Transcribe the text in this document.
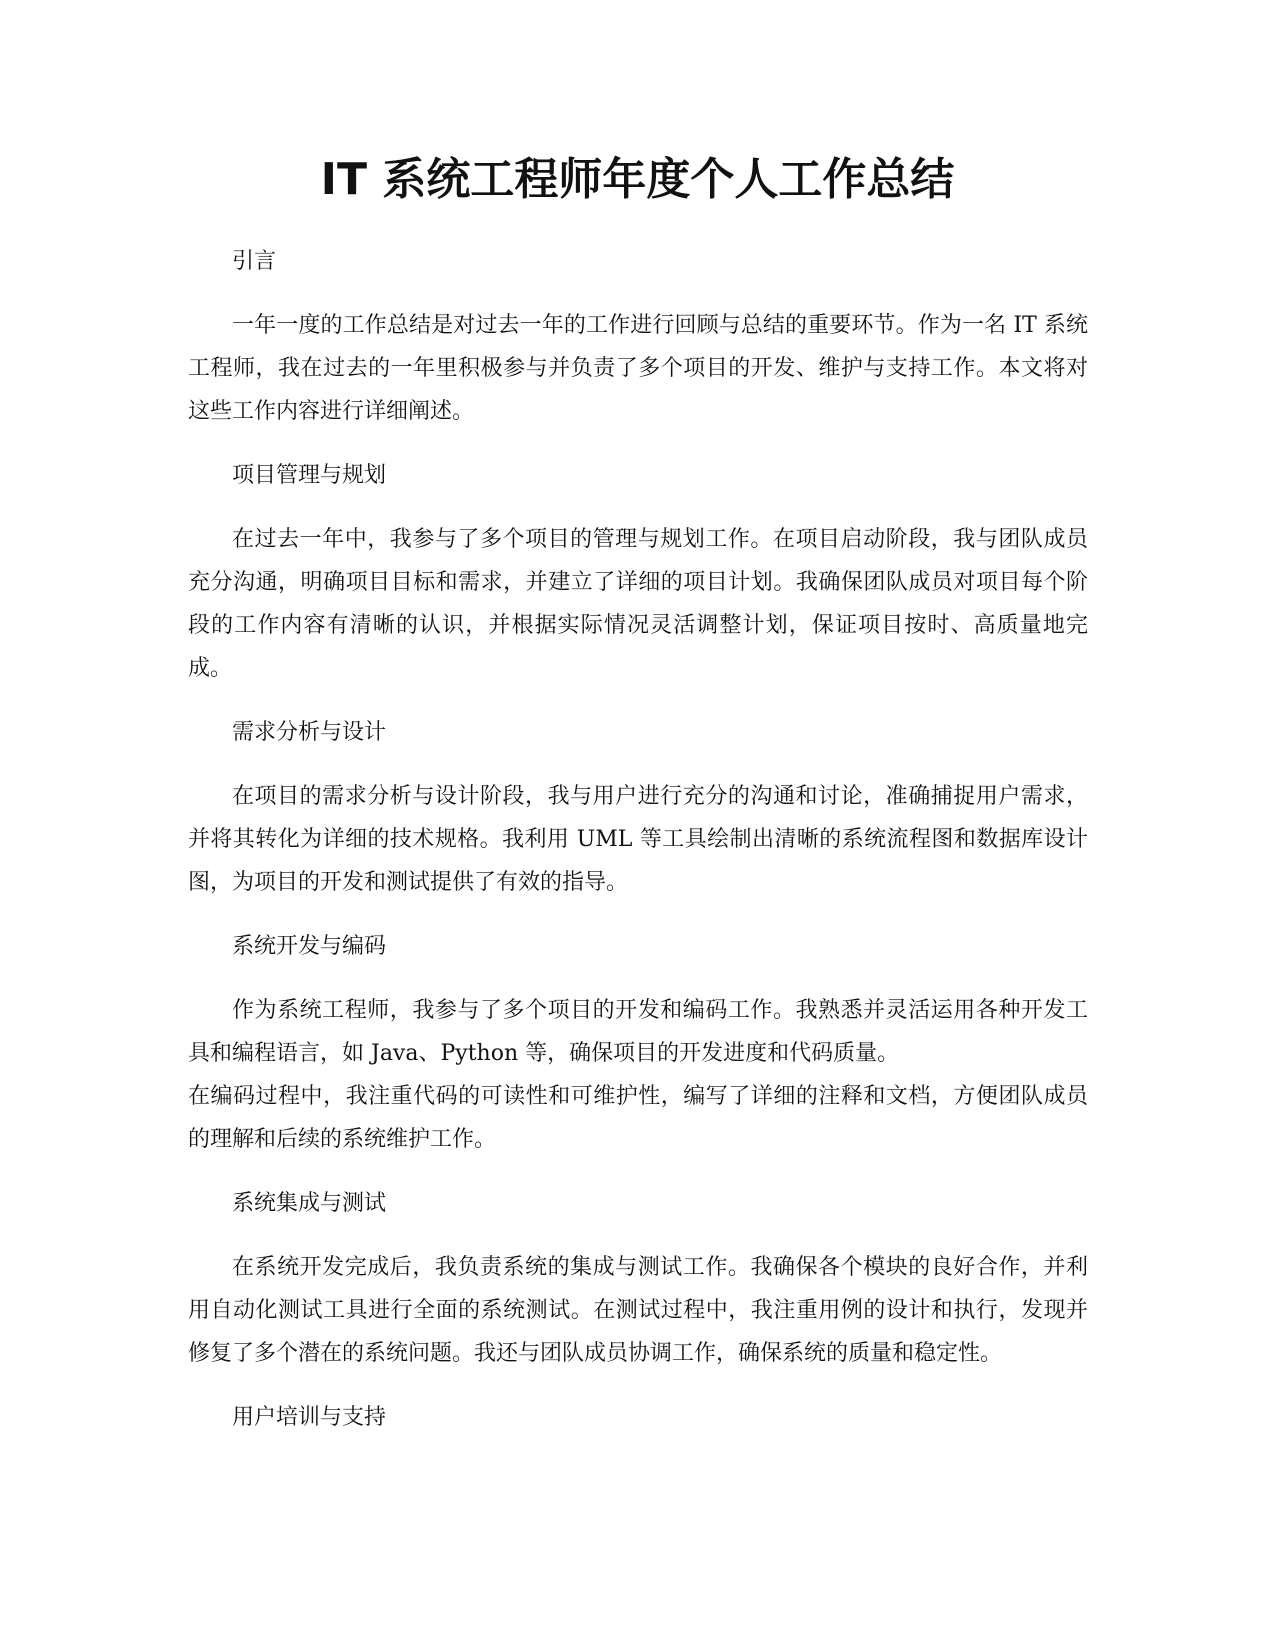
IT 系统工程师年度个人工作总结

引言

一年一度的工作总结是对过去一年的工作进行回顾与总结的重要环节。作为一名 IT 系统工程师，我在过去的一年里积极参与并负责了多个项目的开发、维护与支持工作。本文将对这些工作内容进行详细阐述。

项目管理与规划

在过去一年中，我参与了多个项目的管理与规划工作。在项目启动阶段，我与团队成员充分沟通，明确项目目标和需求，并建立了详细的项目计划。我确保团队成员对项目每个阶段的工作内容有清晰的认识，并根据实际情况灵活调整计划，保证项目按时、高质量地完成。

需求分析与设计

在项目的需求分析与设计阶段，我与用户进行充分的沟通和讨论，准确捕捉用户需求，并将其转化为详细的技术规格。我利用 UML 等工具绘制出清晰的系统流程图和数据库设计图，为项目的开发和测试提供了有效的指导。

系统开发与编码

作为系统工程师，我参与了多个项目的开发和编码工作。我熟悉并灵活运用各种开发工具和编程语言，如 Java、Python 等，确保项目的开发进度和代码质量。

在编码过程中，我注重代码的可读性和可维护性，编写了详细的注释和文档，方便团队成员的理解和后续的系统维护工作。

系统集成与测试

在系统开发完成后，我负责系统的集成与测试工作。我确保各个模块的良好合作，并利用自动化测试工具进行全面的系统测试。在测试过程中，我注重用例的设计和执行，发现并修复了多个潜在的系统问题。我还与团队成员协调工作，确保系统的质量和稳定性。

用户培训与支持
